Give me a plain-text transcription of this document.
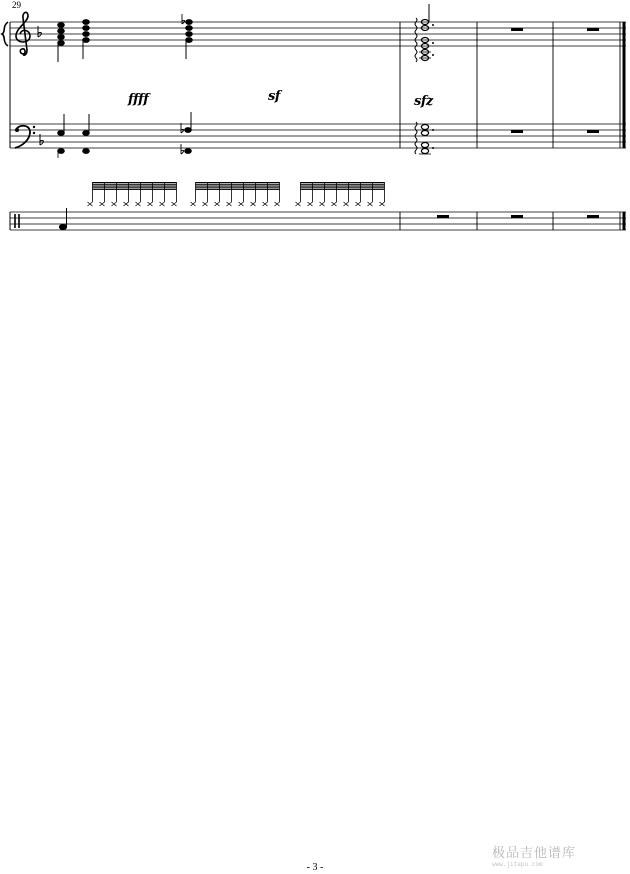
29
ffff	sf	sfz
- 3 -
极品吉他谱库
www.jitapu.com
